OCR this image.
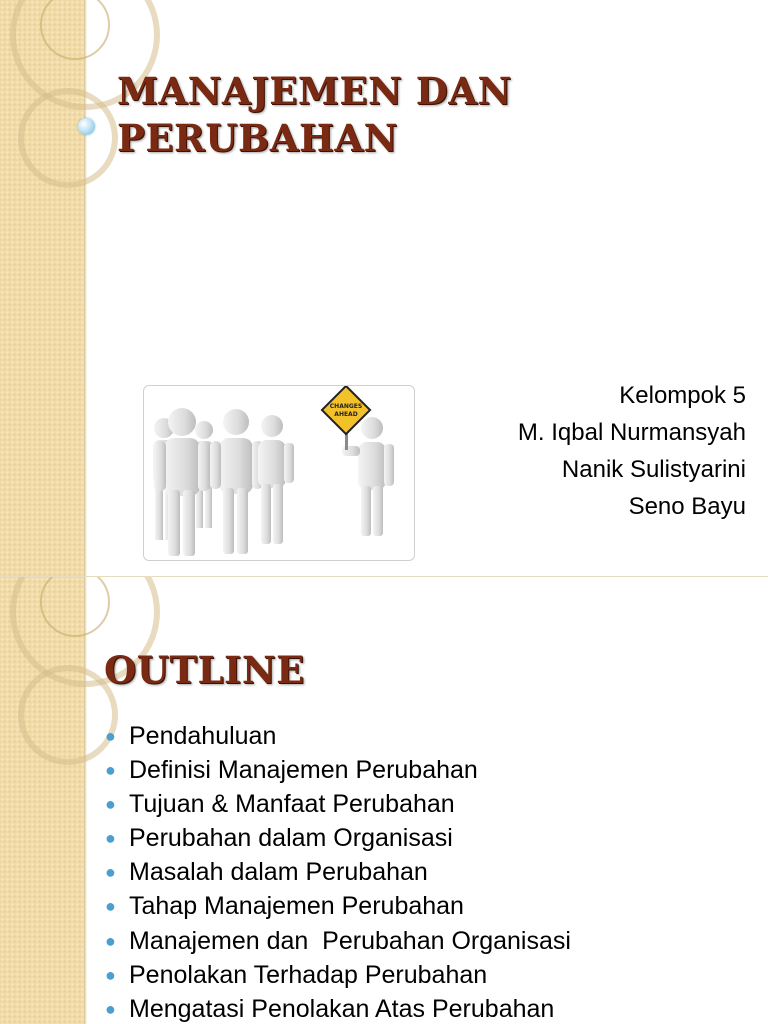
MANAJEMEN DAN
PERUBAHAN
CHANGES
AHEAD
Kelompok 5
M. Iqbal Nurmansyah
Nanik Sulistyarini
Seno Bayu
OUTLINE
● Pendahuluan
● Definisi Manajemen Perubahan
● Tujuan & Manfaat Perubahan
● Perubahan dalam Organisasi
● Masalah dalam Perubahan
● Tahap Manajemen Perubahan
● Manajemen dan  Perubahan Organisasi
● Penolakan Terhadap Perubahan
● Mengatasi Penolakan Atas Perubahan
